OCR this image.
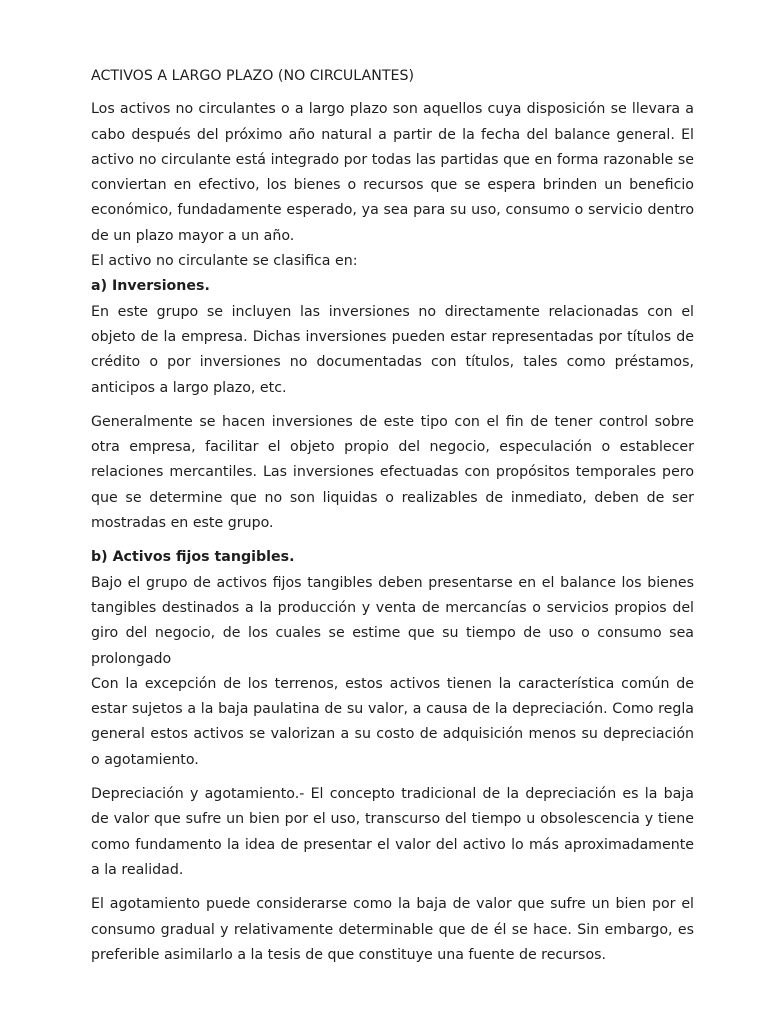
ACTIVOS A LARGO PLAZO (NO CIRCULANTES)

Los activos no circulantes o a largo plazo son aquellos cuya disposición se llevara a cabo después del próximo año natural a partir de la fecha del balance general. El activo no circulante está integrado por todas las partidas que en forma razonable se conviertan en efectivo, los bienes o recursos que se espera brinden un beneficio económico, fundadamente esperado, ya sea para su uso, consumo o servicio dentro de un plazo mayor a un año.

El activo no circulante se clasifica en:

a) Inversiones.

En este grupo se incluyen las inversiones no directamente relacionadas con el objeto de la empresa. Dichas inversiones pueden estar representadas por títulos de crédito o por inversiones no documentadas con títulos, tales como préstamos, anticipos a largo plazo, etc.

Generalmente se hacen inversiones de este tipo con el fin de tener control sobre otra empresa, facilitar el objeto propio del negocio, especulación o establecer relaciones mercantiles. Las inversiones efectuadas con propósitos temporales pero que se determine que no son liquidas o realizables de inmediato, deben de ser mostradas en este grupo.

b) Activos fijos tangibles.

Bajo el grupo de activos fijos tangibles deben presentarse en el balance los bienes tangibles destinados a la producción y venta de mercancías o servicios propios del giro del negocio, de los cuales se estime que su tiempo de uso o consumo sea prolongado

Con la excepción de los terrenos, estos activos tienen la característica común de estar sujetos a la baja paulatina de su valor, a causa de la depreciación. Como regla general estos activos se valorizan a su costo de adquisición menos su depreciación o agotamiento.

Depreciación y agotamiento.- El concepto tradicional de la depreciación es la baja de valor que sufre un bien por el uso, transcurso del tiempo u obsolescencia y tiene como fundamento la idea de presentar el valor del activo lo más aproximadamente a la realidad.

El agotamiento puede considerarse como la baja de valor que sufre un bien por el consumo gradual y relativamente determinable que de él se hace. Sin embargo, es preferible asimilarlo a la tesis de que constituye una fuente de recursos.
